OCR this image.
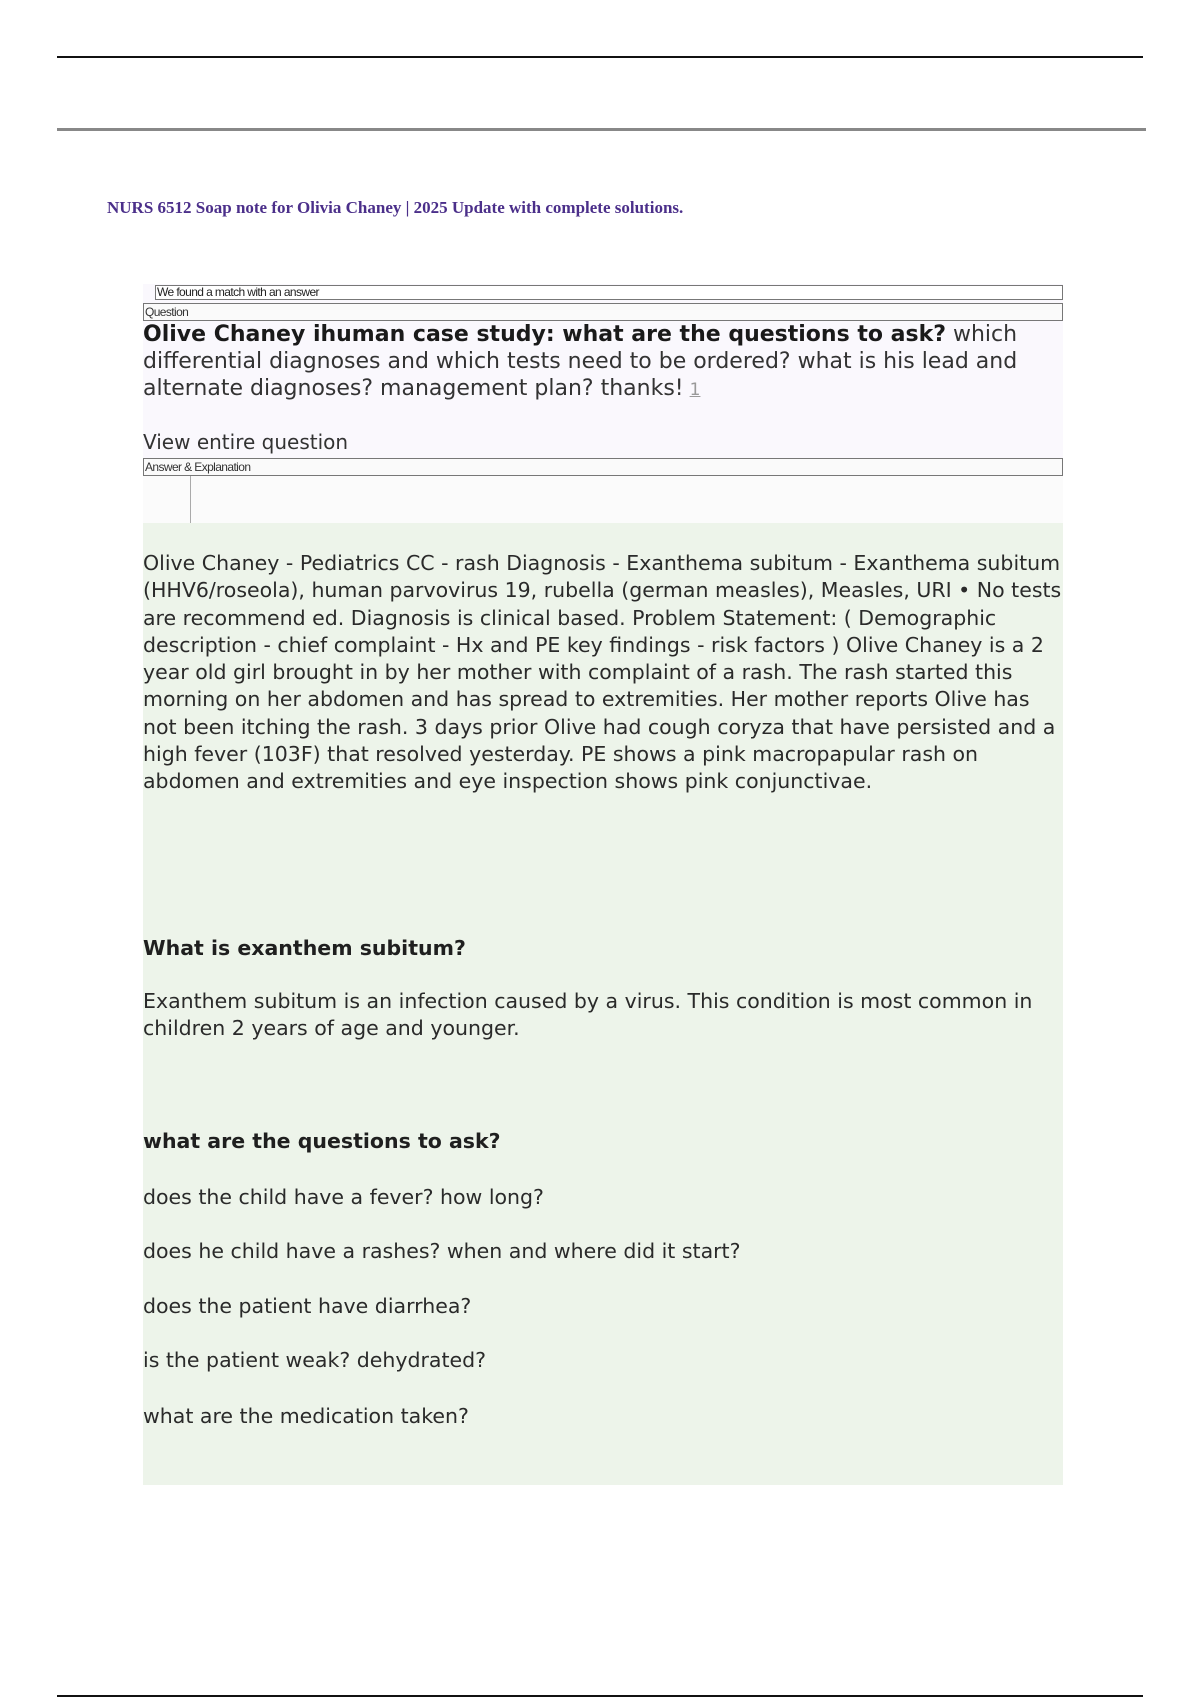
NURS 6512 Soap note for Olivia Chaney | 2025 Update with complete solutions.
We found a match with an answer
Question
Olive Chaney ihuman case study: what are the questions to ask? which differential diagnoses and which tests need to be ordered? what is his lead and alternate diagnoses? management plan? thanks! 1
View entire question
Answer & Explanation
Olive Chaney - Pediatrics CC - rash Diagnosis - Exanthema subitum - Exanthema subitum (HHV6/roseola), human parvovirus 19, rubella (german measles), Measles, URI • No tests are recommend ed. Diagnosis is clinical based. Problem Statement: ( Demographic description - chief complaint - Hx and PE key findings - risk factors ) Olive Chaney is a 2 year old girl brought in by her mother with complaint of a rash. The rash started this morning on her abdomen and has spread to extremities. Her mother reports Olive has not been itching the rash. 3 days prior Olive had cough coryza that have persisted and a high fever (103F) that resolved yesterday. PE shows a pink macropapular rash on abdomen and extremities and eye inspection shows pink conjunctivae.
What is exanthem subitum?
Exanthem subitum is an infection caused by a virus. This condition is most common in children 2 years of age and younger.
what are the questions to ask?
does the child have a fever? how long?
does he child have a rashes? when and where did it start?
does the patient have diarrhea?
is the patient weak? dehydrated?
what are the medication taken?
